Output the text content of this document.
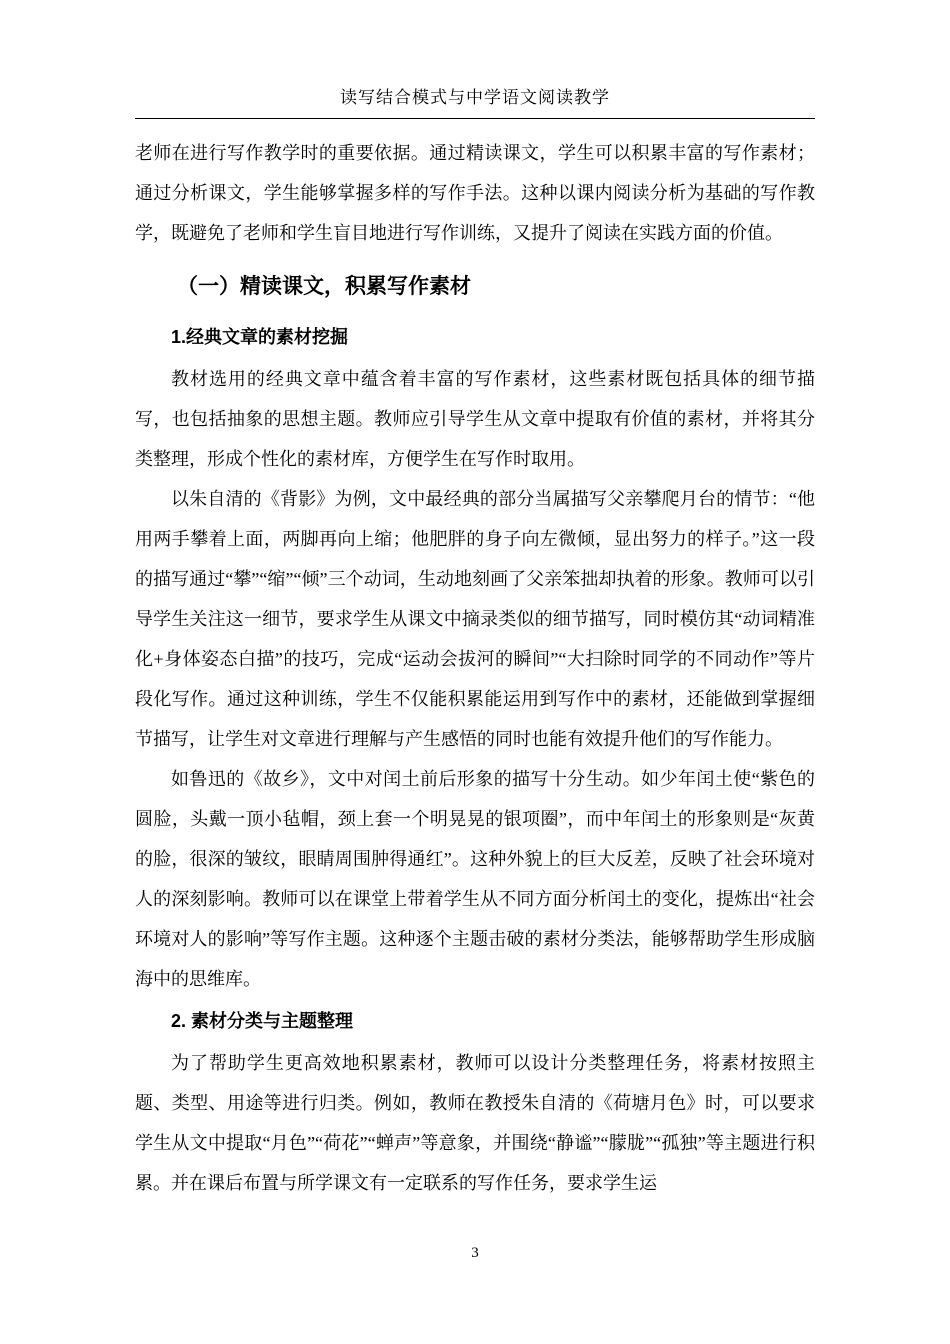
读写结合模式与中学语文阅读教学

老师在进行写作教学时的重要依据。通过精读课文，学生可以积累丰富的写作素材；通过分析课文，学生能够掌握多样的写作手法。这种以课内阅读分析为基础的写作教学，既避免了老师和学生盲目地进行写作训练，又提升了阅读在实践方面的价值。

（一）精读课文，积累写作素材
1.经典文章的素材挖掘

教材选用的经典文章中蕴含着丰富的写作素材，这些素材既包括具体的细节描写，也包括抽象的思想主题。教师应引导学生从文章中提取有价值的素材，并将其分类整理，形成个性化的素材库，方便学生在写作时取用。

以朱自清的《背影》为例，文中最经典的部分当属描写父亲攀爬月台的情节：“他用两手攀着上面，两脚再向上缩；他肥胖的身子向左微倾，显出努力的样子。”这一段的描写通过“攀”“缩”“倾”三个动词，生动地刻画了父亲笨拙却执着的形象。教师可以引导学生关注这一细节，要求学生从课文中摘录类似的细节描写，同时模仿其“动词精准化+身体姿态白描”的技巧，完成“运动会拔河的瞬间”“大扫除时同学的不同动作”等片段化写作。通过这种训练，学生不仅能积累能运用到写作中的素材，还能做到掌握细节描写，让学生对文章进行理解与产生感悟的同时也能有效提升他们的写作能力。

如鲁迅的《故乡》，文中对闰土前后形象的描写十分生动。如少年闰土使“紫色的圆脸，头戴一顶小毡帽，颈上套一个明晃晃的银项圈”，而中年闰土的形象则是“灰黄的脸，很深的皱纹，眼睛周围肿得通红”。这种外貌上的巨大反差，反映了社会环境对人的深刻影响。教师可以在课堂上带着学生从不同方面分析闰土的变化，提炼出“社会环境对人的影响”等写作主题。这种逐个主题击破的素材分类法，能够帮助学生形成脑海中的思维库。

2. 素材分类与主题整理

为了帮助学生更高效地积累素材，教师可以设计分类整理任务，将素材按照主题、类型、用途等进行归类。例如，教师在教授朱自清的《荷塘月色》时，可以要求学生从文中提取“月色”“荷花”“蝉声”等意象，并围绕“静谧”“朦胧”“孤独”等主题进行积累。并在课后布置与所学课文有一定联系的写作任务，要求学生运

3
